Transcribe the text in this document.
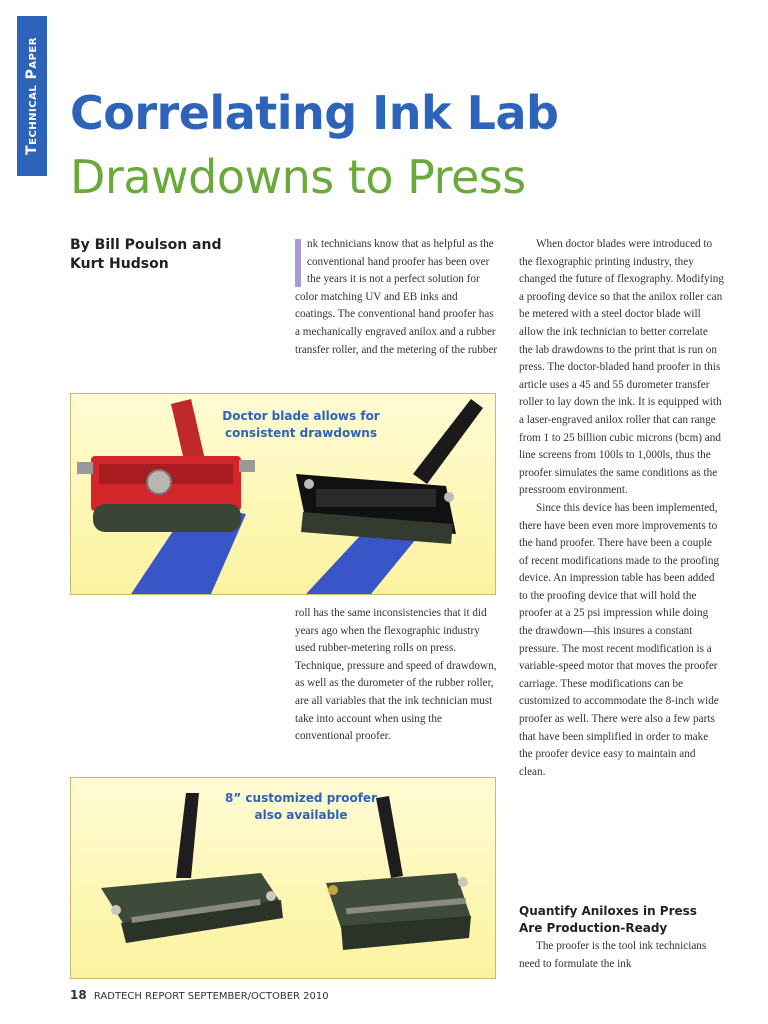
Technical Paper Correlating Ink Lab
Drawdowns to Press
By Bill Poulson and Kurt Hudson

nk technicians know that as helpful as the conventional hand proofer has been over the years it is not a perfect solution for color matching UV and EB inks and coatings. The conventional hand proofer has a mechanically engraved anilox and a rubber transfer roller, and the metering of the rubber

Doctor blade allows for consistent drawdowns

roll has the same inconsistencies that it did years ago when the flexographic industry used rubber-metering rolls on press. Technique, pressure and speed of drawdown, as well as the durometer of the rubber roller, are all variables that the ink technician must take into account when using the conventional proofer.

8” customized proofer also available

When doctor blades were introduced to the flexographic printing industry, they changed the future of flexography. Modifying a proofing device so that the anilox roller can be metered with a steel doctor blade will allow the ink technician to better correlate the lab drawdowns to the print that is run on press. The doctor-bladed hand proofer in this article uses a 45 and 55 durometer transfer roller to lay down the ink. It is equipped with a laser-engraved anilox roller that can range from 1 to 25 billion cubic microns (bcm) and line screens from 100ls to 1,000ls, thus the proofer simulates the same conditions as the pressroom environment.

Since this device has been implemented, there have been even more improvements to the hand proofer. There have been a couple of recent modifications made to the proofing device. An impression table has been added to the proofing device that will hold the proofer at a 25 psi impression while doing the drawdown—this insures a constant pressure. The most recent modification is a variable-speed motor that moves the proofer carriage. These modifications can be customized to accommodate the 8-inch wide proofer as well. There were also a few parts that have been simplified in order to make the proofer device easy to maintain and clean.

Quantify Aniloxes in Press Are Production-Ready

The proofer is the tool ink technicians need to formulate the ink

18 RADTECH REPORT SEPTEMBER/OCTOBER 2010
